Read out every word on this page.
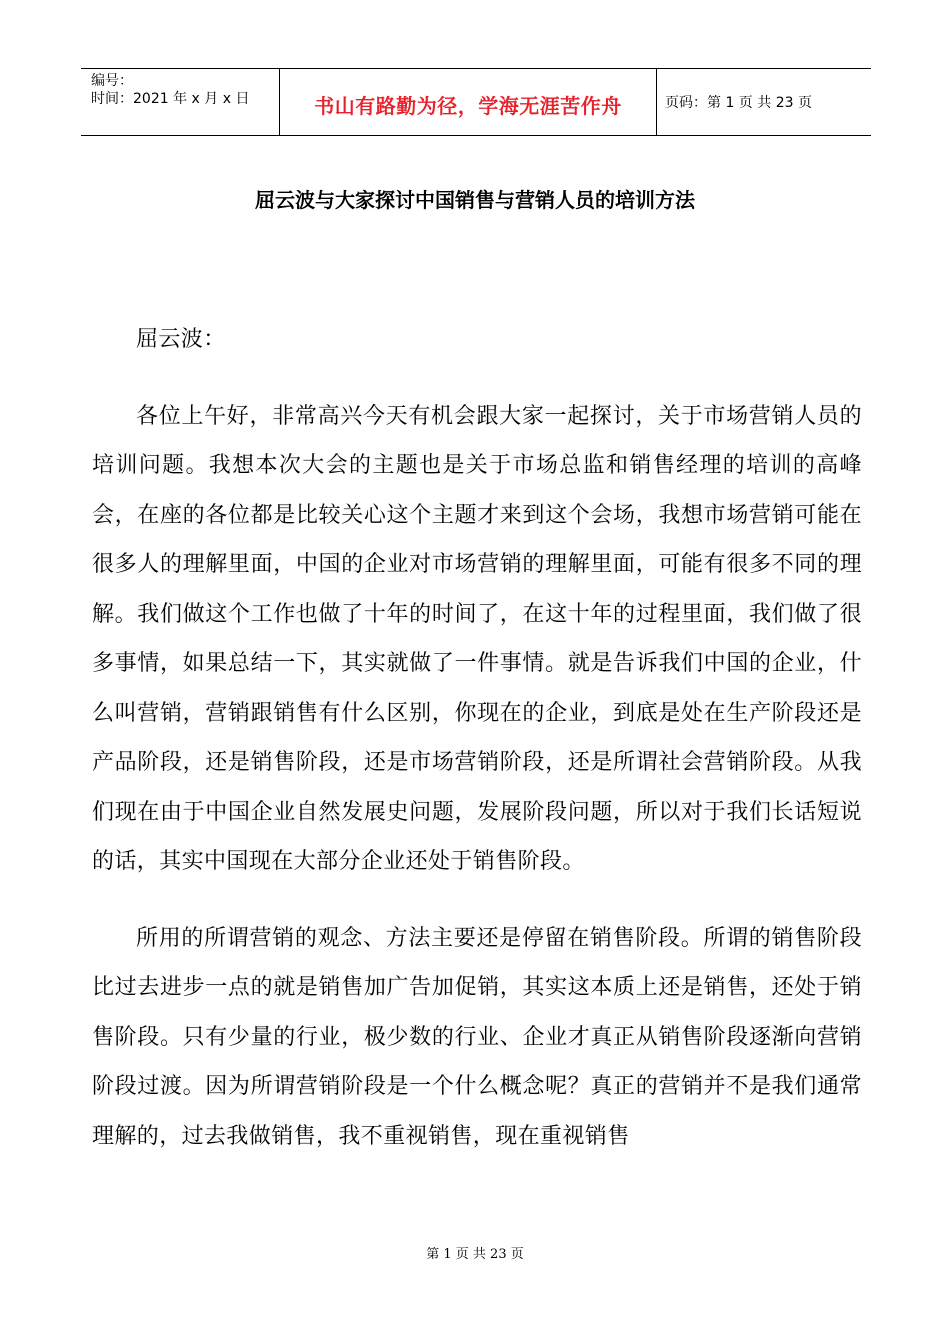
编号：
时间：2021 年 x 月 x 日	书山有路勤为径，学海无涯苦作舟	页码：第 1 页 共 23 页
屈云波与大家探讨中国销售与营销人员的培训方法

屈云波：

各位上午好，非常高兴今天有机会跟大家一起探讨，关于市场营销人员的培训问题。我想本次大会的主题也是关于市场总监和销售经理的培训的高峰会，在座的各位都是比较关心这个主题才来到这个会场，我想市场营销可能在很多人的理解里面，中国的企业对市场营销的理解里面，可能有很多不同的理解。我们做这个工作也做了十年的时间了，在这十年的过程里面，我们做了很多事情，如果总结一下，其实就做了一件事情。就是告诉我们中国的企业，什么叫营销，营销跟销售有什么区别，你现在的企业，到底是处在生产阶段还是产品阶段，还是销售阶段，还是市场营销阶段，还是所谓社会营销阶段。从我们现在由于中国企业自然发展史问题，发展阶段问题，所以对于我们长话短说的话，其实中国现在大部分企业还处于销售阶段。

所用的所谓营销的观念、方法主要还是停留在销售阶段。所谓的销售阶段比过去进步一点的就是销售加广告加促销，其实这本质上还是销售，还处于销售阶段。只有少量的行业，极少数的行业、企业才真正从销售阶段逐渐向营销阶段过渡。因为所谓营销阶段是一个什么概念呢？真正的营销并不是我们通常理解的，过去我做销售，我不重视销售，现在重视销售

第 1 页 共 23 页
